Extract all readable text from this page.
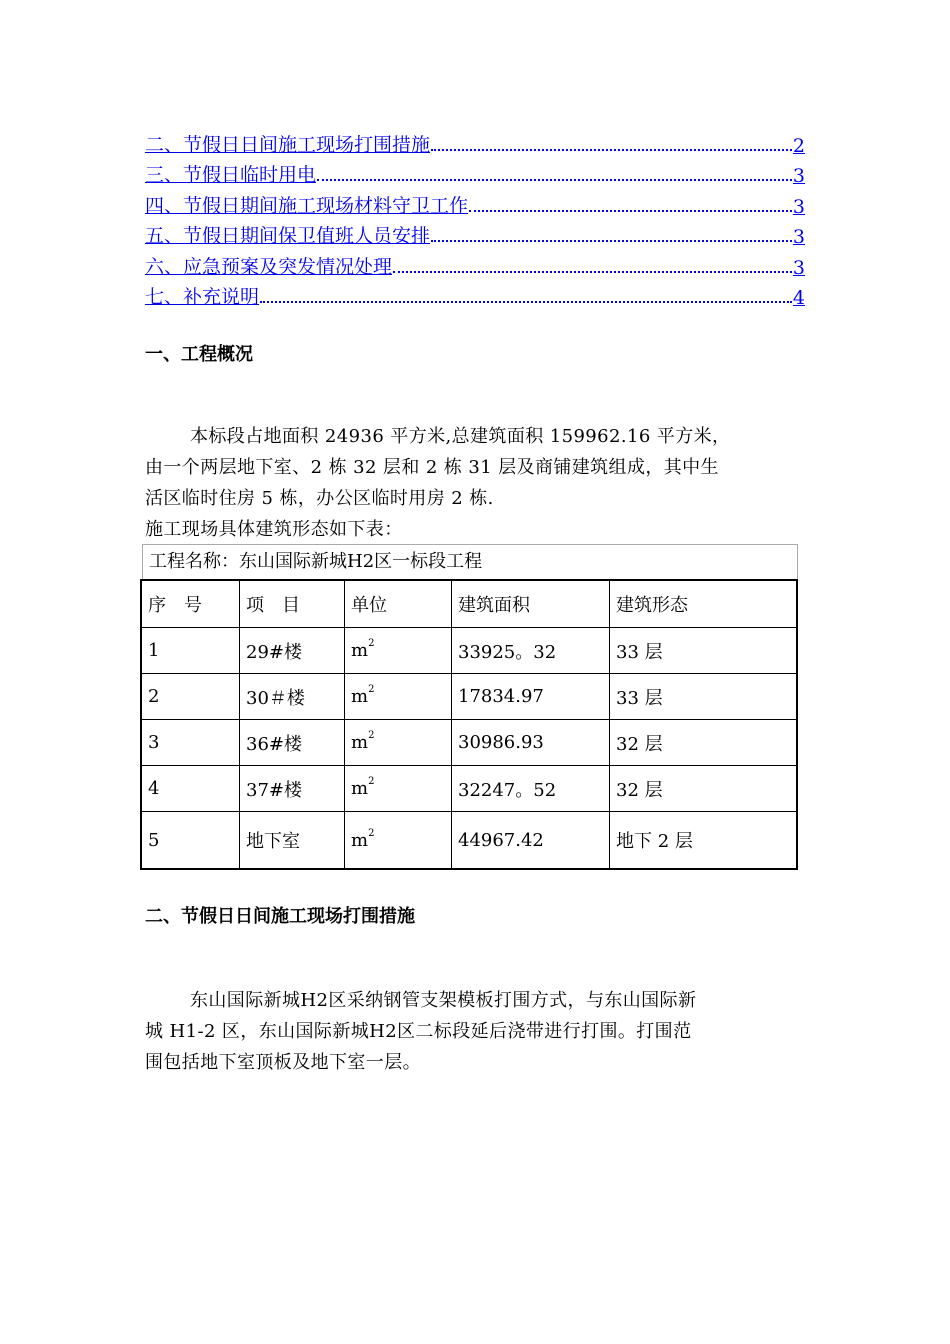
二、节假日日间施工现场打围措施	2
三、节假日临时用电	3
四、节假日期间施工现场材料守卫工作	3
五、节假日期间保卫值班人员安排	3
六、应急预案及突发情况处理	3
七、补充说明	4
一、工程概况
本标段占地面积 24936 平方米,总建筑面积 159962.16 平方米，
由一个两层地下室、2 栋 32 层和 2 栋 31 层及商铺建筑组成，其中生
活区临时住房 5 栋，办公区临时用房 2 栋.
施工现场具体建筑形态如下表：
工程名称：东山国际新城H2区一标段工程
序　号	项　目	单位	建筑面积	建筑形态
1	29#楼	$m^2$	33925。32	33 层
2	30＃楼	$m^2$	17834.97	33 层
3	36#楼	$m^2$	30986.93	32 层
4	37#楼	$m^2$	32247。52	32 层
5	地下室	$m^2$	44967.42	地下 2 层
二、节假日日间施工现场打围措施
东山国际新城H2区采纳钢管支架模板打围方式，与东山国际新
城 H1-2 区，东山国际新城H2区二标段延后浇带进行打围。打围范
围包括地下室顶板及地下室一层。
